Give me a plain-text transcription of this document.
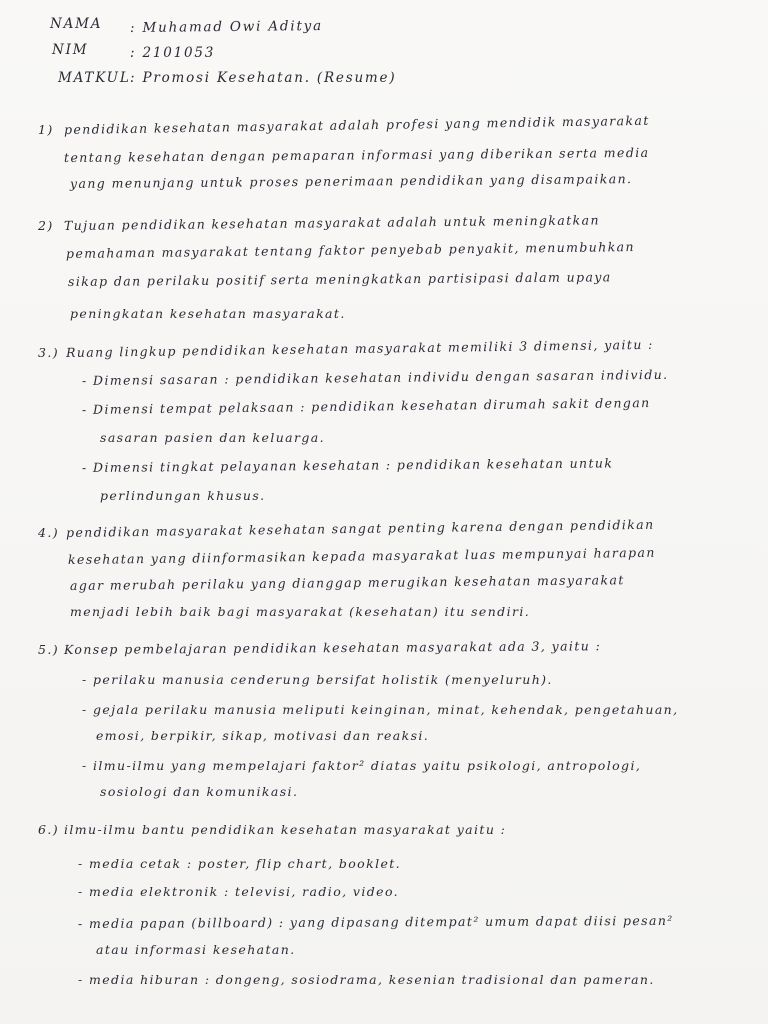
NAMA : Muhamad Owi Aditya
NIM	: 2101053
MATKUL : Promosi Kesehatan. (Resume)
1) pendidikan kesehatan masyarakat adalah profesi yang mendidik masyarakat
tentang kesehatan dengan pemaparan informasi yang diberikan serta media
yang menunjang untuk proses penerimaan pendidikan yang disampaikan.
2) Tujuan pendidikan kesehatan masyarakat adalah untuk meningkatkan
pemahaman masyarakat tentang faktor penyebab penyakit, menumbuhkan
sikap dan perilaku positif serta meningkatkan partisipasi dalam upaya
peningkatan kesehatan masyarakat.
3.) Ruang lingkup pendidikan kesehatan masyarakat memiliki 3 dimensi, yaitu :
- Dimensi sasaran : pendidikan kesehatan individu dengan sasaran individu.
- Dimensi tempat pelaksaan : pendidikan kesehatan dirumah sakit dengan
sasaran pasien dan keluarga.
- Dimensi tingkat pelayanan kesehatan : pendidikan kesehatan untuk
perlindungan khusus.
4.) pendidikan masyarakat kesehatan sangat penting karena dengan pendidikan
kesehatan yang diinformasikan kepada masyarakat luas mempunyai harapan
agar merubah perilaku yang dianggap merugikan kesehatan masyarakat
menjadi lebih baik bagi masyarakat (kesehatan) itu sendiri.
5.) Konsep pembelajaran pendidikan kesehatan masyarakat ada 3, yaitu :
- perilaku manusia cenderung bersifat holistik (menyeluruh).
- gejala perilaku manusia meliputi keinginan, minat, kehendak, pengetahuan,
emosi, berpikir, sikap, motivasi dan reaksi.
- ilmu-ilmu yang mempelajari faktor² diatas yaitu psikologi, antropologi,
sosiologi dan komunikasi.
6.) ilmu-ilmu bantu pendidikan kesehatan masyarakat yaitu :
- media cetak : poster, flip chart, booklet.
- media elektronik : televisi, radio, video.
- media papan (billboard) : yang dipasang ditempat² umum dapat diisi pesan²
atau informasi kesehatan.
- media hiburan : dongeng, sosiodrama, kesenian tradisional dan pameran.
